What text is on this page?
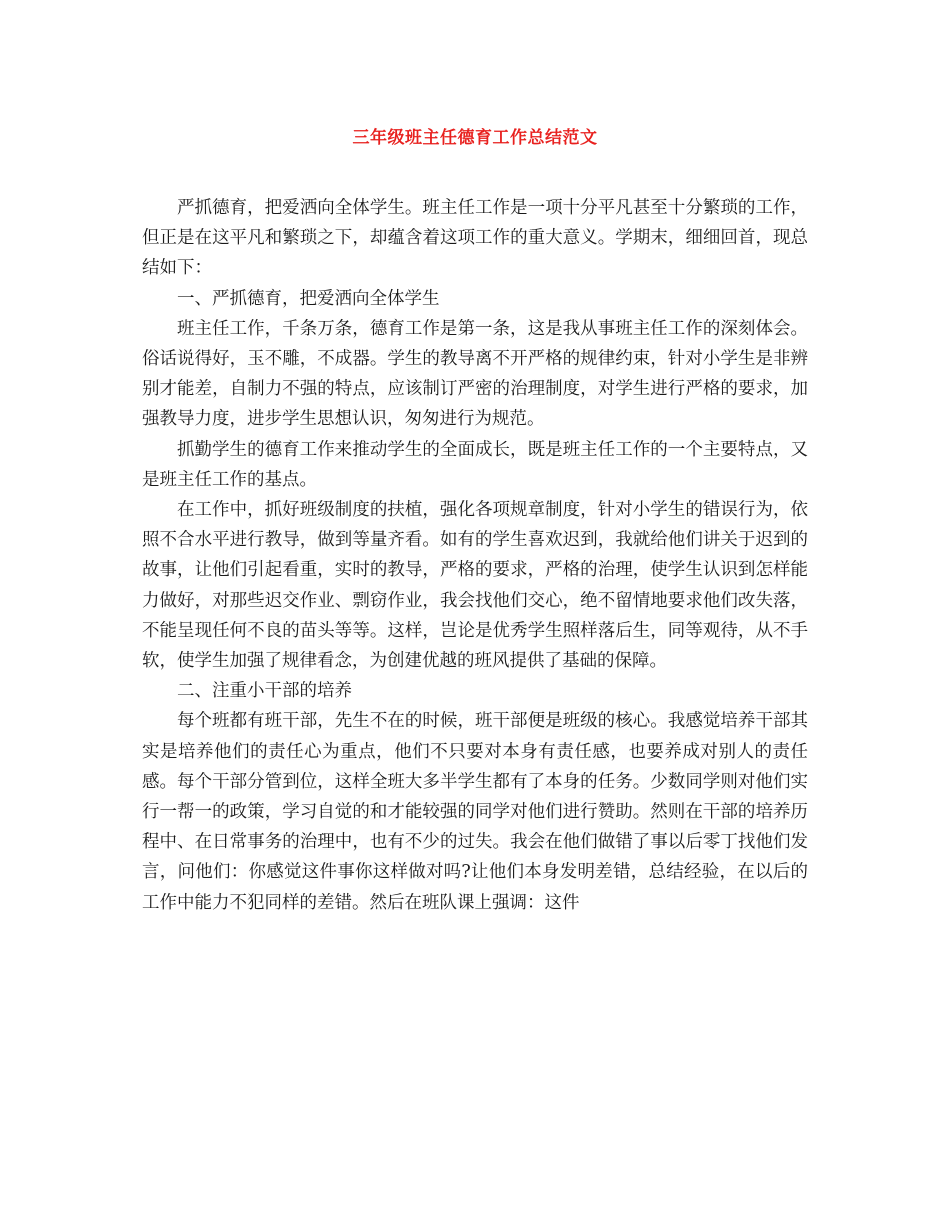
三年级班主任德育工作总结范文

严抓德育，把爱洒向全体学生。班主任工作是一项十分平凡甚至十分繁琐的工作，但正是在这平凡和繁琐之下，却蕴含着这项工作的重大意义。学期末，细细回首，现总结如下：

一、严抓德育，把爱洒向全体学生

班主任工作，千条万条，德育工作是第一条，这是我从事班主任工作的深刻体会。俗话说得好，玉不雕，不成器。学生的教导离不开严格的规律约束，针对小学生是非辨别才能差，自制力不强的特点，应该制订严密的治理制度，对学生进行严格的要求，加强教导力度，进步学生思想认识，匆匆进行为规范。

抓勤学生的德育工作来推动学生的全面成长，既是班主任工作的一个主要特点，又是班主任工作的基点。

在工作中，抓好班级制度的扶植，强化各项规章制度，针对小学生的错误行为，依照不合水平进行教导，做到等量齐看。如有的学生喜欢迟到，我就给他们讲关于迟到的故事，让他们引起看重，实时的教导，严格的要求，严格的治理，使学生认识到怎样能力做好，对那些迟交作业、剽窃作业，我会找他们交心，绝不留情地要求他们改失落，不能呈现任何不良的苗头等等。这样，岂论是优秀学生照样落后生，同等观待，从不手软，使学生加强了规律看念，为创建优越的班风提供了基础的保障。

二、注重小干部的培养

每个班都有班干部，先生不在的时候，班干部便是班级的核心。我感觉培养干部其实是培养他们的责任心为重点，他们不只要对本身有责任感，也要养成对别人的责任感。每个干部分管到位，这样全班大多半学生都有了本身的任务。少数同学则对他们实行一帮一的政策，学习自觉的和才能较强的同学对他们进行赞助。然则在干部的培养历程中、在日常事务的治理中，也有不少的过失。我会在他们做错了事以后零丁找他们发言，问他们：你感觉这件事你这样做对吗?让他们本身发明差错，总结经验，在以后的工作中能力不犯同样的差错。然后在班队课上强调：这件
